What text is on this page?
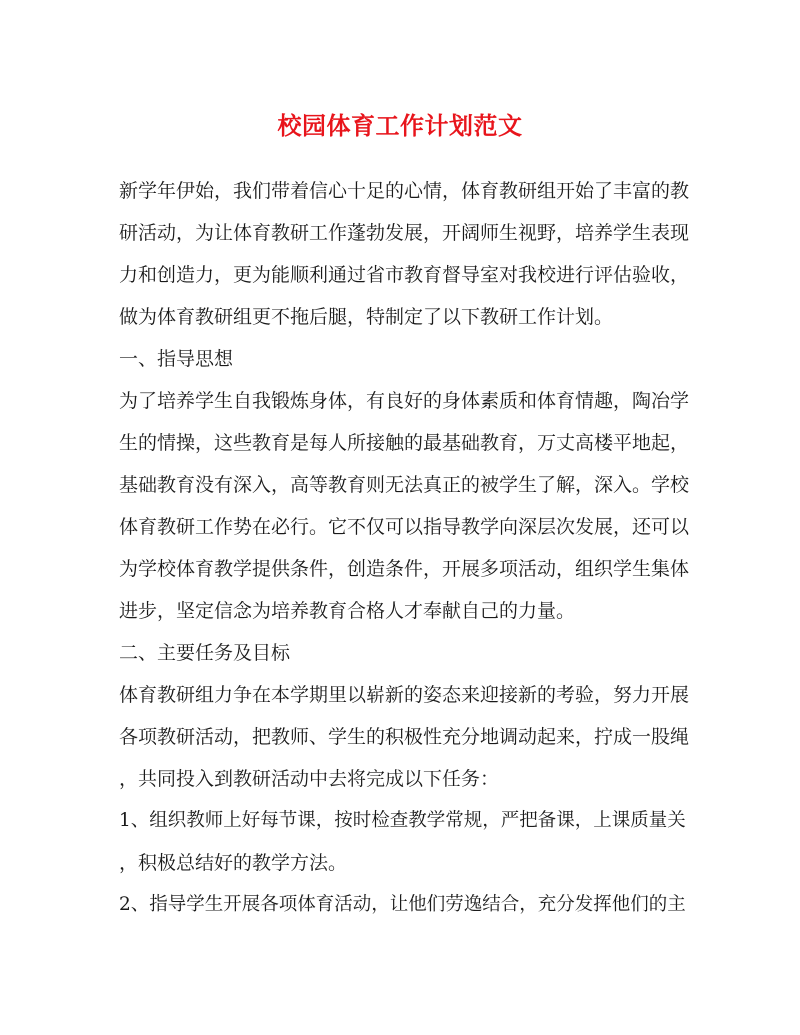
校园体育工作计划范文
新学年伊始，我们带着信心十足的心情，体育教研组开始了丰富的教
研活动，为让体育教研工作蓬勃发展，开阔师生视野，培养学生表现
力和创造力，更为能顺利通过省市教育督导室对我校进行评估验收，
做为体育教研组更不拖后腿，特制定了以下教研工作计划。
一、指导思想
为了培养学生自我锻炼身体，有良好的身体素质和体育情趣，陶冶学
生的情操，这些教育是每人所接触的最基础教育，万丈高楼平地起，
基础教育没有深入，高等教育则无法真正的被学生了解，深入。学校
体育教研工作势在必行。它不仅可以指导教学向深层次发展，还可以
为学校体育教学提供条件，创造条件，开展多项活动，组织学生集体
进步，坚定信念为培养教育合格人才奉献自己的力量。
二、主要任务及目标
体育教研组力争在本学期里以崭新的姿态来迎接新的考验，努力开展
各项教研活动，把教师、学生的积极性充分地调动起来，拧成一股绳
，共同投入到教研活动中去将完成以下任务：
1、组织教师上好每节课，按时检查教学常规，严把备课，上课质量关
，积极总结好的教学方法。
2、指导学生开展各项体育活动，让他们劳逸结合，充分发挥他们的主
